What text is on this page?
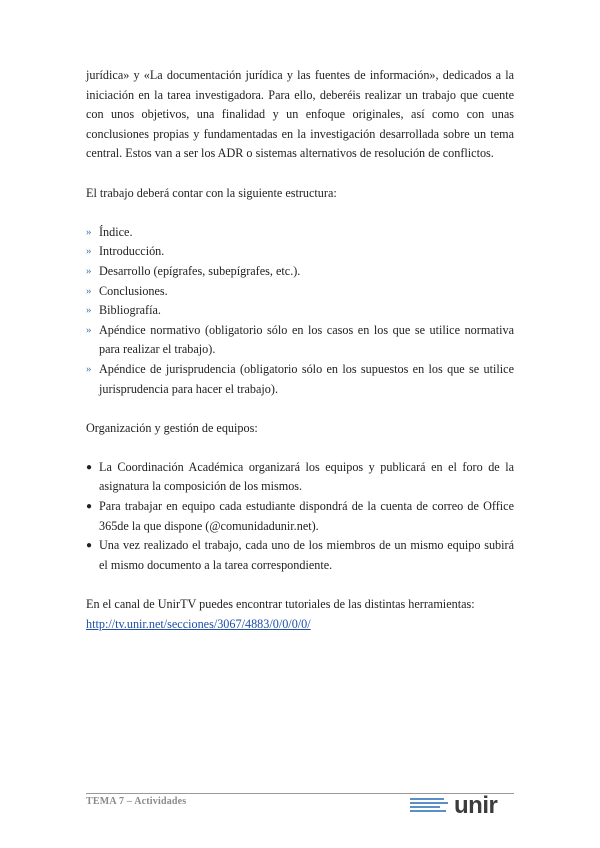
jurídica» y «La documentación jurídica y las fuentes de información», dedicados a la iniciación en la tarea investigadora. Para ello, deberéis realizar un trabajo que cuente con unos objetivos, una finalidad y un enfoque originales, así como con unas conclusiones propias y fundamentadas en la investigación desarrollada sobre un tema central. Estos van a ser los ADR o sistemas alternativos de resolución de conflictos.

El trabajo deberá contar con la siguiente estructura:

» Índice.
» Introducción.
» Desarrollo (epígrafes, subepígrafes, etc.).
» Conclusiones.
» Bibliografía.
» Apéndice normativo (obligatorio sólo en los casos en los que se utilice normativa para realizar el trabajo).
» Apéndice de jurisprudencia (obligatorio sólo en los supuestos en los que se utilice jurisprudencia para hacer el trabajo).

Organización y gestión de equipos:

● La Coordinación Académica organizará los equipos y publicará en el foro de la asignatura la composición de los mismos.
● Para trabajar en equipo cada estudiante dispondrá de la cuenta de correo de Office 365de la que dispone (@comunidadunir.net).
● Una vez realizado el trabajo, cada uno de los miembros de un mismo equipo subirá el mismo documento a la tarea correspondiente.

En el canal de UnirTV puedes encontrar tutoriales de las distintas herramientas:

http://tv.unir.net/secciones/3067/4883/0/0/0/0/

TEMA 7 – Actividades	unir
